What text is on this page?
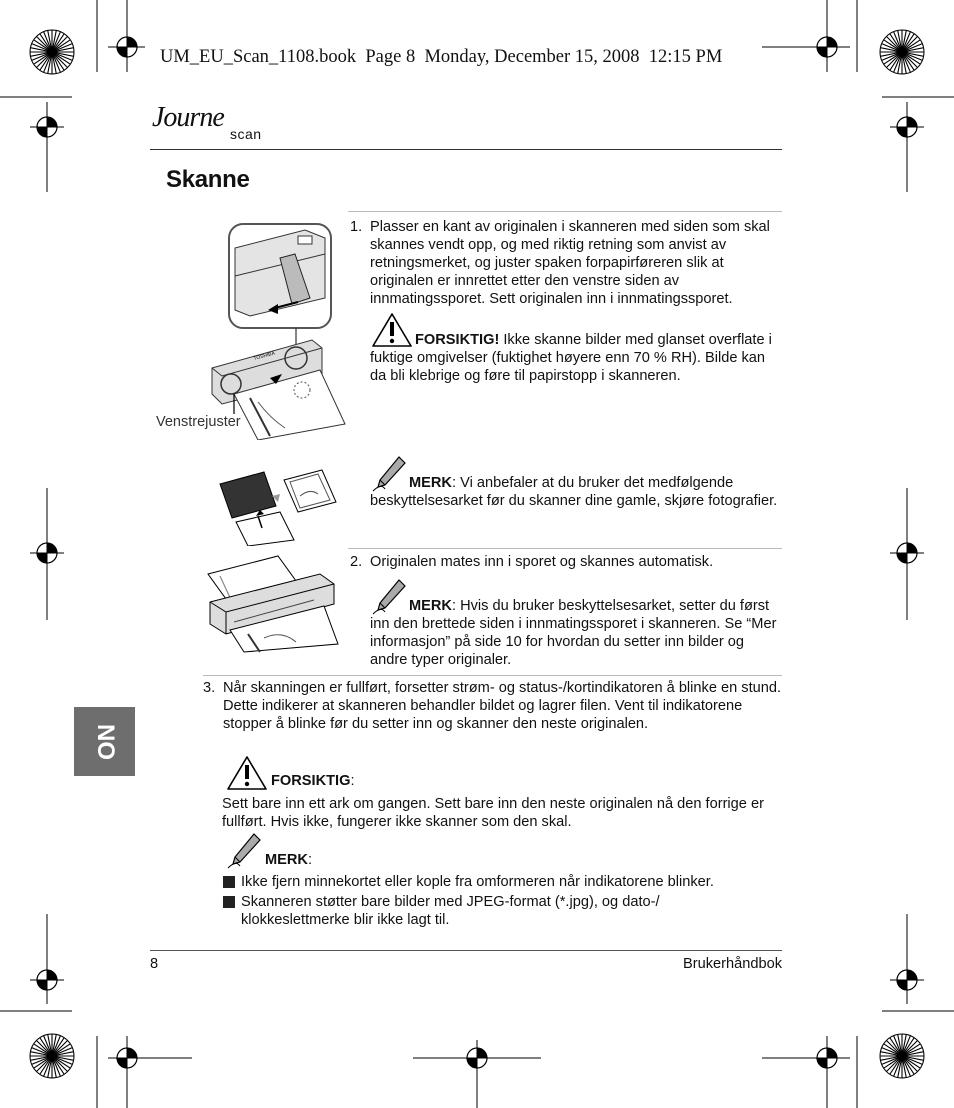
UM_EU_Scan_1108.book  Page 8  Monday, December 15, 2008  12:15 PM
Journe
scan
Skanne
TOSHIBA
Venstrejuster
1. Plasser en kant av originalen i skanneren med siden som skal skannes vendt opp, og med riktig retning som anvist av retningsmerket, og juster spaken forpapirføreren slik at originalen er innrettet etter den venstre siden av innmatingssporet. Sett originalen inn i innmatingssporet.
FORSIKTIG! Ikke skanne bilder med glanset overflate i fuktige omgivelser (fuktighet høyere enn 70 % RH). Bilde kan da bli klebrige og føre til papirstopp i skanneren.
MERK: Vi anbefaler at du bruker det medfølgende beskyttelsesarket før du skanner dine gamle, skjøre fotografier.
2. Originalen mates inn i sporet og skannes automatisk.
MERK: Hvis du bruker beskyttelsesarket, setter du først inn den brettede siden i innmatingssporet i skanneren. Se “Mer informasjon” på side 10 for hvordan du setter inn bilder og andre typer originaler.
3. Når skanningen er fullført, forsetter strøm- og status-/kortindikatoren å blinke en stund. Dette indikerer at skanneren behandler bildet og lagrer filen. Vent til indikatorene stopper å blinke før du setter inn og skanner den neste originalen.
FORSIKTIG:
Sett bare inn ett ark om gangen. Sett bare inn den neste originalen nå den forrige er fullført. Hvis ikke, fungerer ikke skanner som den skal.
MERK:
Ikke fjern minnekortet eller kople fra omformeren når indikatorene blinker.
Skanneren støtter bare bilder med JPEG-format (*.jpg), og dato-/ klokkeslettmerke blir ikke lagt til.
NO
8	Brukerhåndbok
